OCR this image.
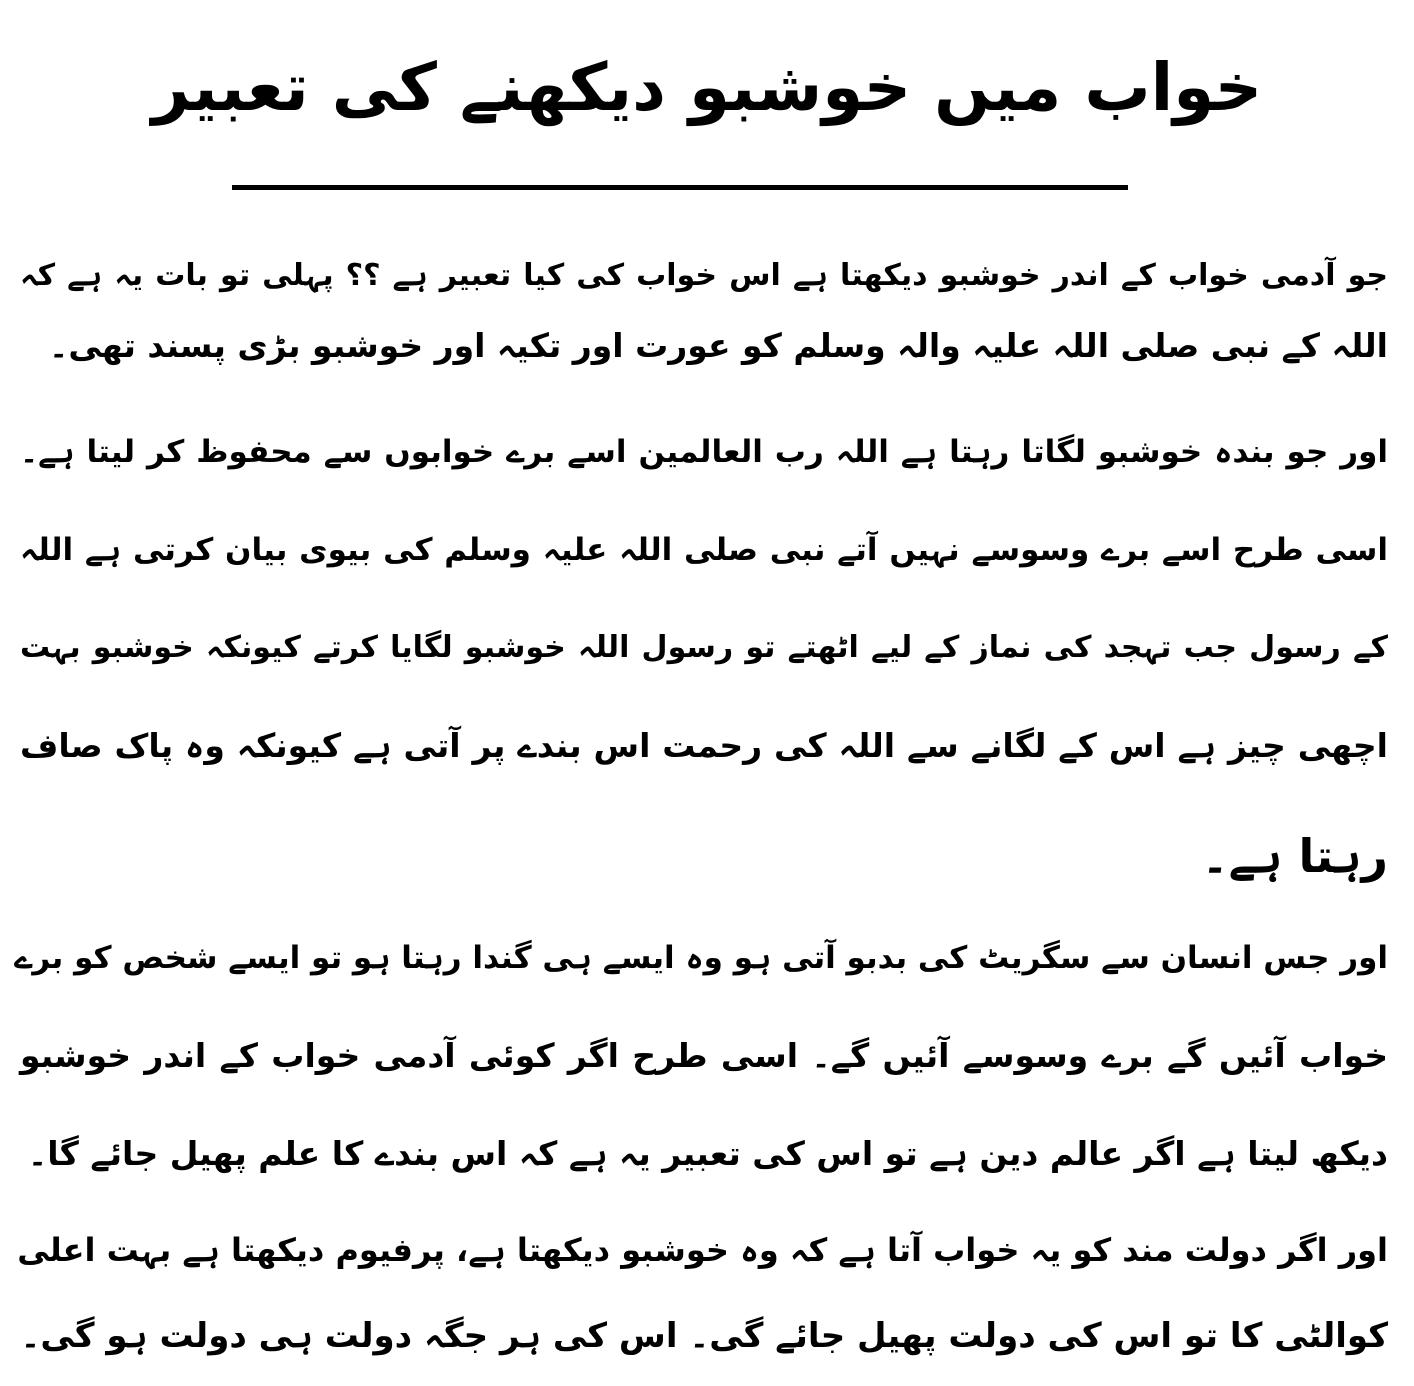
خواب میں خوشبو دیکھنے کی تعبیر
جو آدمی خواب کے اندر خوشبو دیکھتا ہے اس خواب کی کیا تعبیر ہے ؟؟ پہلی تو بات یہ ہے کہ
اللہ کے نبی صلی اللہ علیہ والہ وسلم کو عورت اور تکیہ اور خوشبو بڑی پسند تھی۔
اور جو بندہ خوشبو لگاتا رہتا ہے اللہ رب العالمین اسے برے خوابوں سے محفوظ کر لیتا ہے۔
اسی طرح اسے برے وسوسے نہیں آتے نبی صلی اللہ علیہ وسلم کی بیوی بیان کرتی ہے اللہ
کے رسول جب تہجد کی نماز کے لیے اٹھتے تو رسول اللہ خوشبو لگایا کرتے کیونکہ خوشبو بہت
اچھی چیز ہے اس کے لگانے سے اللہ کی رحمت اس بندے پر آتی ہے کیونکہ وہ پاک صاف
رہتا ہے۔
اور جس انسان سے سگریٹ کی بدبو آتی ہو وہ ایسے ہی گندا رہتا ہو تو ایسے شخص کو برے
خواب آئیں گے برے وسوسے آئیں گے۔ اسی طرح اگر کوئی آدمی خواب کے اندر خوشبو
دیکھ لیتا ہے اگر عالم دین ہے تو اس کی تعبیر یہ ہے کہ اس بندے کا علم پھیل جائے گا۔
اور اگر دولت مند کو یہ خواب آتا ہے کہ وہ خوشبو دیکھتا ہے، پرفیوم دیکھتا ہے بہت اعلی
کوالٹی کا تو اس کی دولت پھیل جائے گی۔ اس کی ہر جگہ دولت ہی دولت ہو گی۔
